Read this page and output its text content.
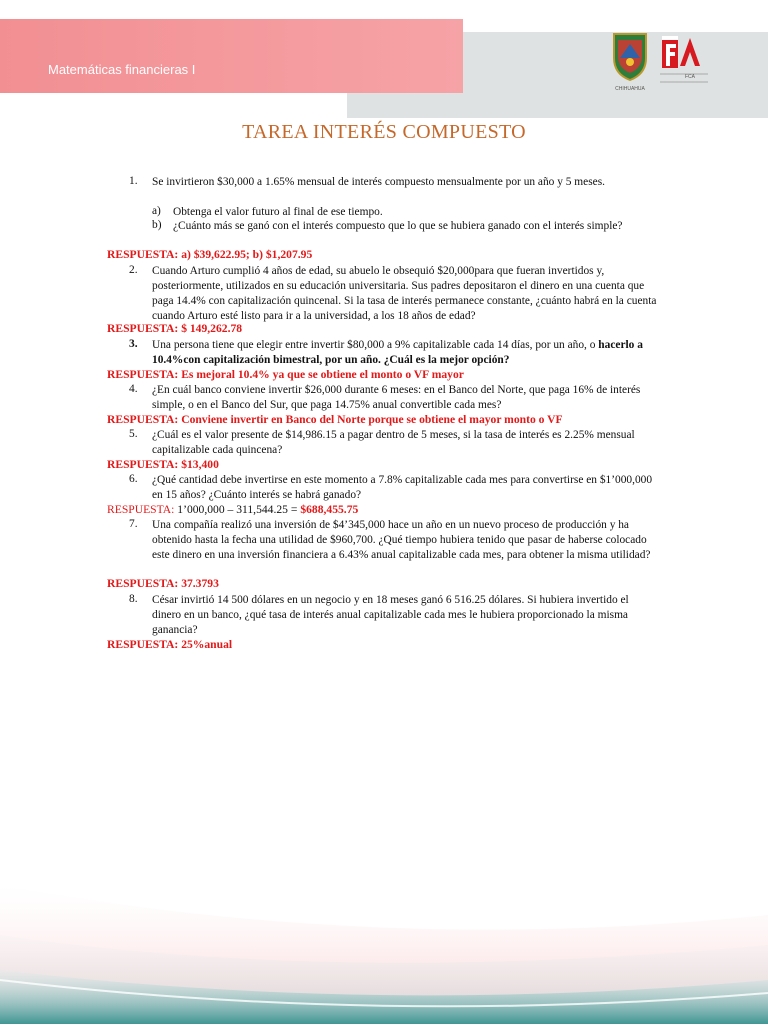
Matemáticas financieras I
CHIHUAHUA
FCA
TAREA INTERÉS COMPUESTO
1. Se invirtieron $30,000 a 1.65% mensual de interés compuesto mensualmente por un año y 5 meses.
a) Obtenga el valor futuro al final de ese tiempo.
b) ¿Cuánto más se ganó con el interés compuesto que lo que se hubiera ganado con el interés simple?
RESPUESTA: a) $39,622.95; b) $1,207.95
2. Cuando Arturo cumplió 4 años de edad, su abuelo le obsequió $20,000para que fueran invertidos y, posteriormente, utilizados en su educación universitaria. Sus padres depositaron el dinero en una cuenta que paga 14.4% con capitalización quincenal. Si la tasa de interés permanece constante, ¿cuánto habrá en la cuenta cuando Arturo esté listo para ir a la universidad, a los 18 años de edad?
RESPUESTA: $ 149,262.78
3. Una persona tiene que elegir entre invertir $80,000 a 9% capitalizable cada 14 días, por un año, o hacerlo a 10.4%con capitalización bimestral, por un año. ¿Cuál es la mejor opción?
RESPUESTA: Es mejoral 10.4% ya que se obtiene el monto o VF mayor
4. ¿En cuál banco conviene invertir $26,000 durante 6 meses: en el Banco del Norte, que paga 16% de interés simple, o en el Banco del Sur, que paga 14.75% anual convertible cada mes?
RESPUESTA: Conviene invertir en Banco del Norte porque se obtiene el mayor monto o VF
5. ¿Cuál es el valor presente de $14,986.15 a pagar dentro de 5 meses, si la tasa de interés es 2.25% mensual capitalizable cada quincena?
RESPUESTA: $13,400
6. ¿Qué cantidad debe invertirse en este momento a 7.8% capitalizable cada mes para convertirse en $1’000,000 en 15 años? ¿Cuánto interés se habrá ganado?
RESPUESTA: 1’000,000 – 311,544.25 = $688,455.75
7. Una compañía realizó una inversión de $4’345,000 hace un año en un nuevo proceso de producción y ha obtenido hasta la fecha una utilidad de $960,700. ¿Qué tiempo hubiera tenido que pasar de haberse colocado este dinero en una inversión financiera a 6.43% anual capitalizable cada mes, para obtener la misma utilidad?
RESPUESTA: 37.3793
8. César invirtió 14 500 dólares en un negocio y en 18 meses ganó 6 516.25 dólares. Si hubiera invertido el dinero en un banco, ¿qué tasa de interés anual capitalizable cada mes le hubiera proporcionado la misma ganancia?
RESPUESTA: 25%anual
